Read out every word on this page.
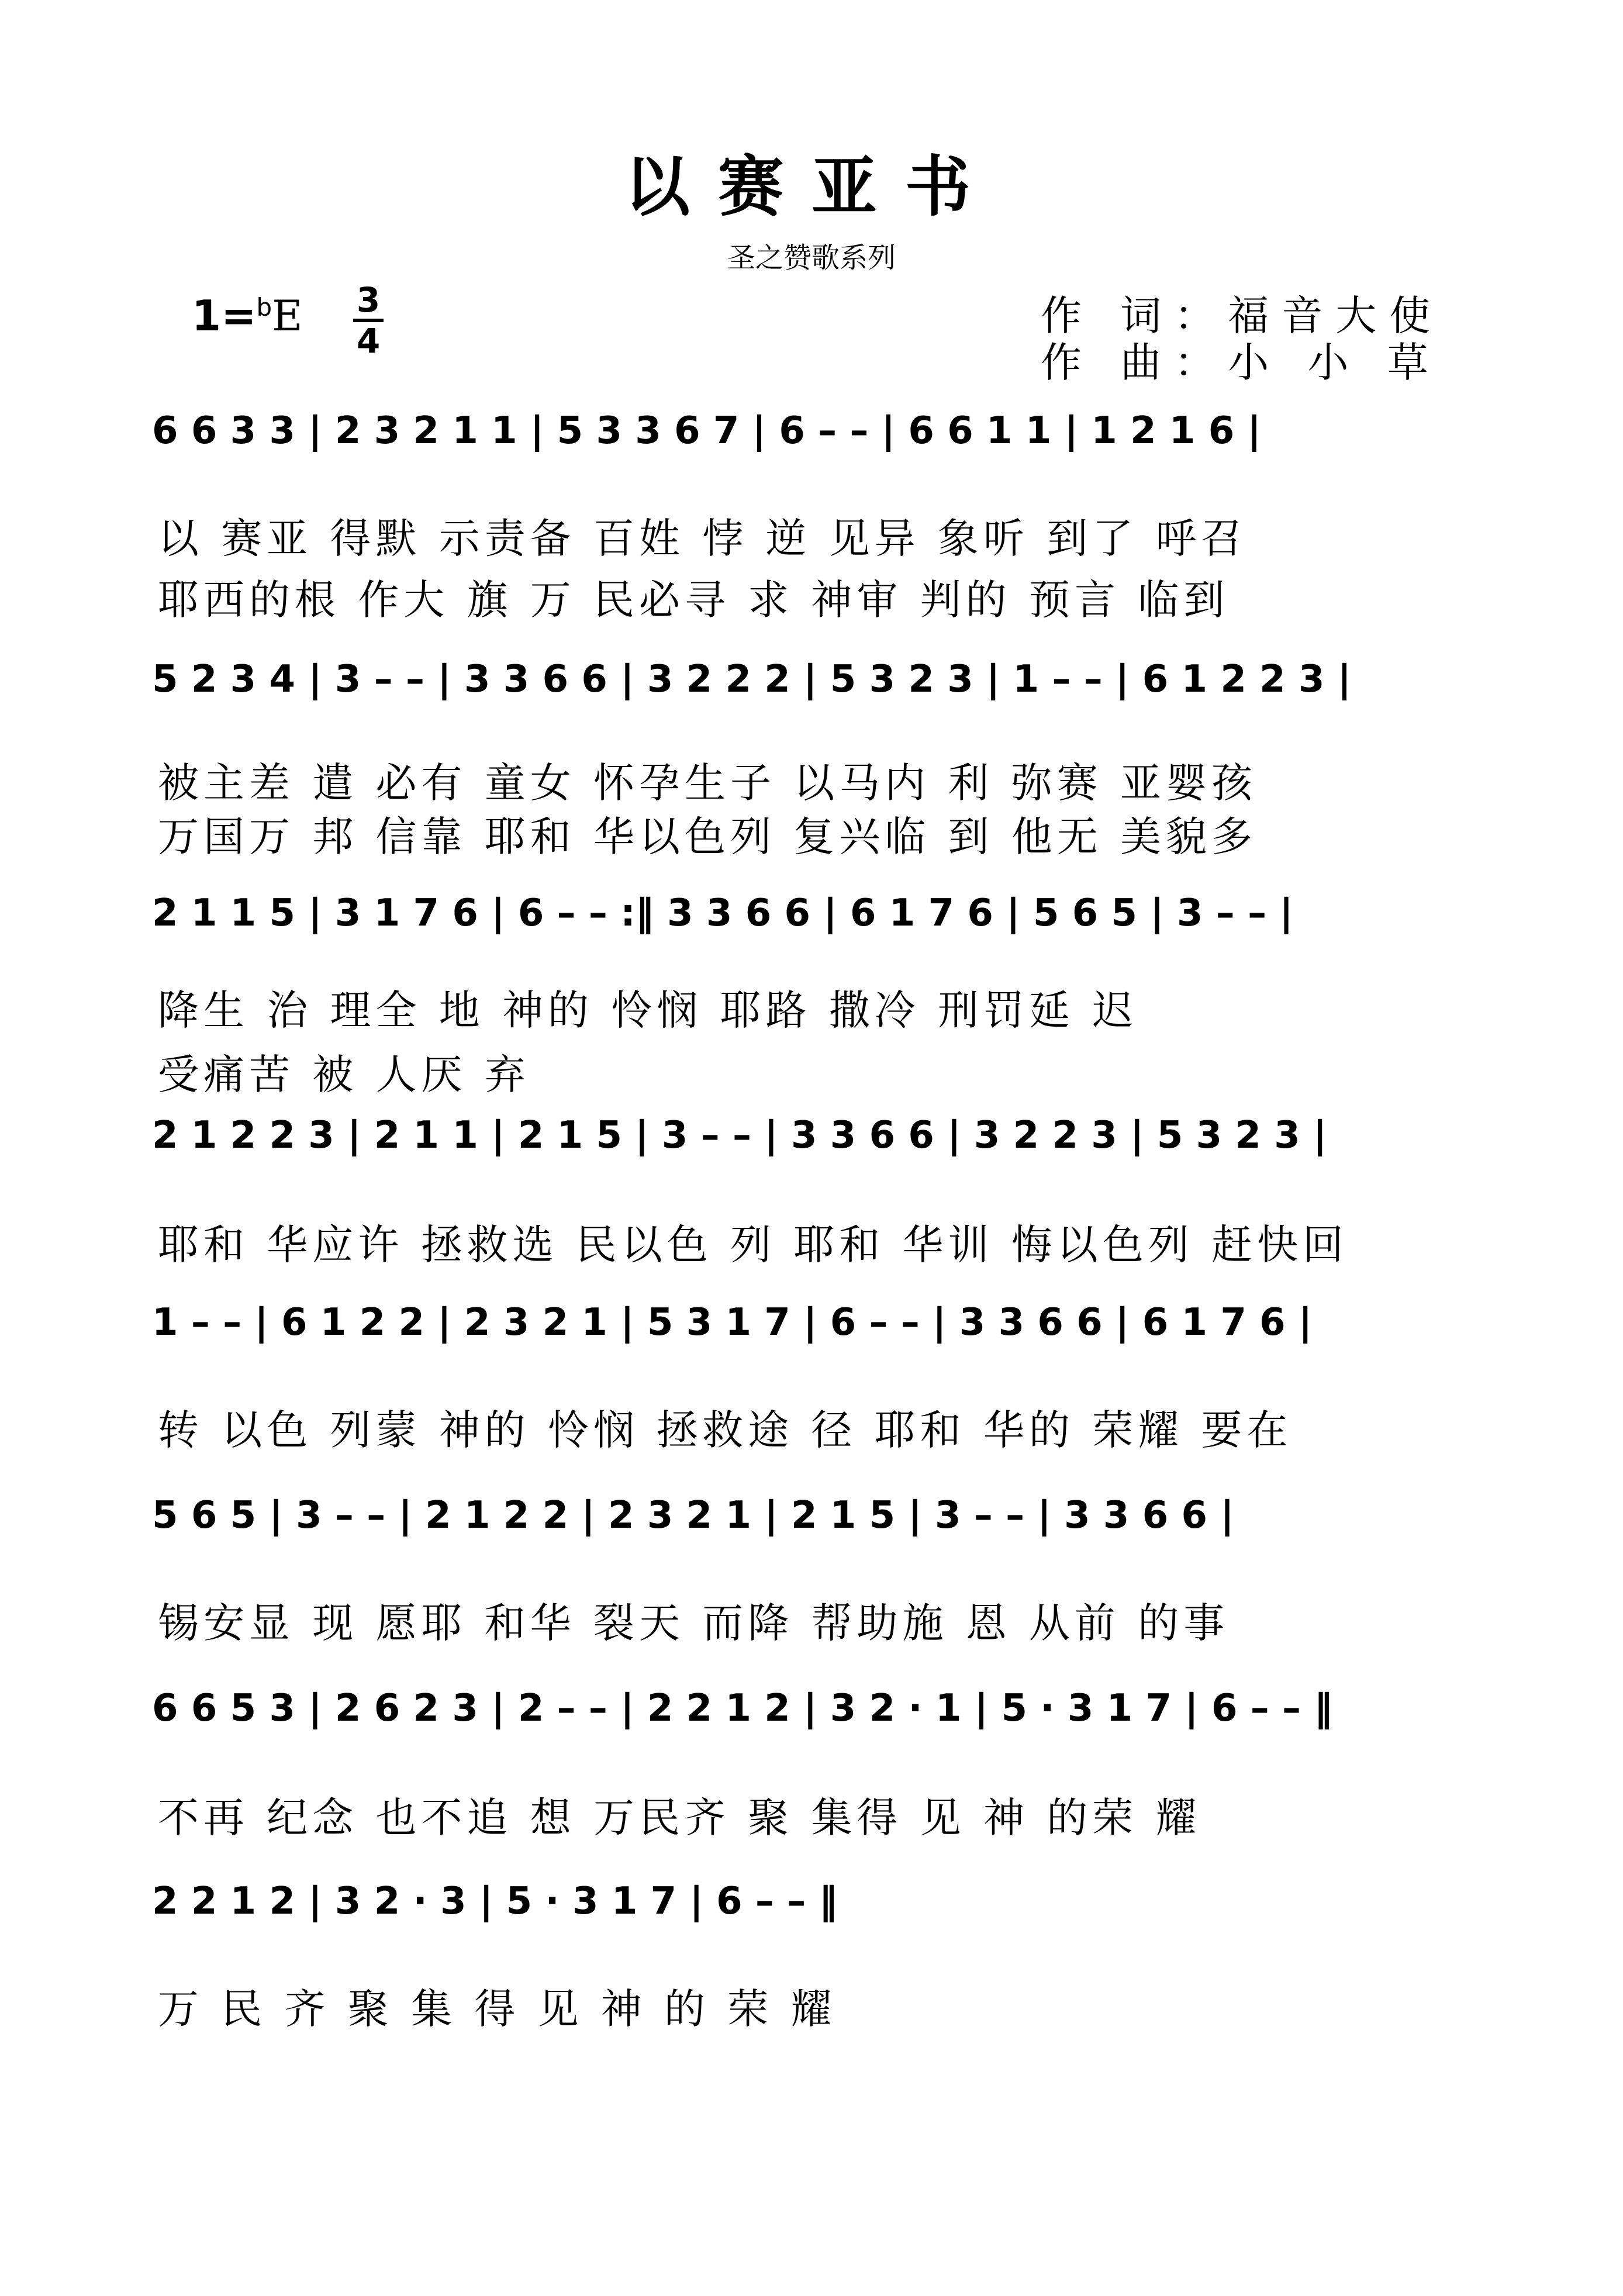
以赛亚书
圣之赞歌系列
1=$^b$E 3
4
作 词：福音大使
作 曲：小 小 草
6 6 3 3 | 2 3 2 1 1 | 5 3 3 6 7 | 6 – – | 6 6 1 1 | 1 2 1 6 |
以 赛亚 得默 示责备 百姓 悖 逆 见异 象听 到了 呼召
耶西的根 作大 旗 万 民必寻 求 神审 判的 预言 临到
5 2 3 4 | 3 – – | 3 3 6 6 | 3 2 2 2 | 5 3 2 3 | 1 – – | 6 1 2 2 3 |
被主差 遣 必有 童女 怀孕生子 以马内 利 弥赛 亚婴孩
万国万 邦 信靠 耶和 华以色列 复兴临 到 他无 美貌多
2 1 1 5 | 3 1 7 6 | 6 – – :‖ 3 3 6 6 | 6 1 7 6 | 5 6 5 | 3 – – |
降生 治 理全 地 神的 怜悯 耶路 撒冷 刑罚延 迟
受痛苦 被 人厌 弃
2 1 2 2 3 | 2 1 1 | 2 1 5 | 3 – – | 3 3 6 6 | 3 2 2 3 | 5 3 2 3 |
耶和 华应许 拯救选 民以色 列 耶和 华训 悔以色列 赶快回
1 – – | 6 1 2 2 | 2 3 2 1 | 5 3 1 7 | 6 – – | 3 3 6 6 | 6 1 7 6 |
转 以色 列蒙 神的 怜悯 拯救途 径 耶和 华的 荣耀 要在
5 6 5 | 3 – – | 2 1 2 2 | 2 3 2 1 | 2 1 5 | 3 – – | 3 3 6 6 |
锡安显 现 愿耶 和华 裂天 而降 帮助施 恩 从前 的事
6 6 5 3 | 2 6 2 3 | 2 – – | 2 2 1 2 | 3 2 · 1 | 5 · 3 1 7 | 6 – – ‖
不再 纪念 也不追 想 万民齐 聚 集得 见 神 的荣 耀
2 2 1 2 | 3 2 · 3 | 5 · 3 1 7 | 6 – – ‖
万 民 齐 聚 集 得 见 神 的 荣 耀
